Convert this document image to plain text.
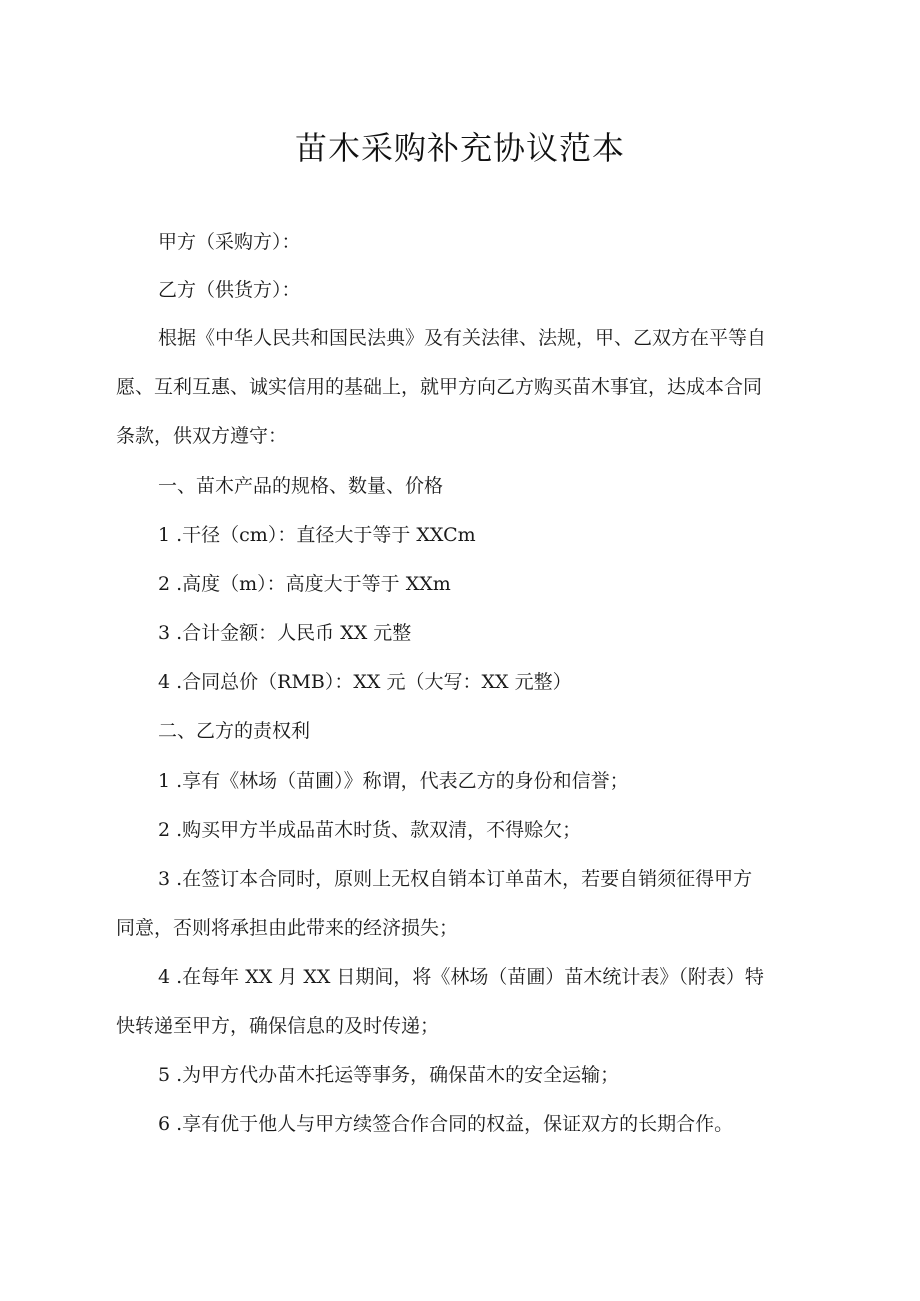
苗木采购补充协议范本

甲方（采购方）：

乙方（供货方）：

根据《中华人民共和国民法典》及有关法律、法规，甲、乙双方在平等自

愿、互利互惠、诚实信用的基础上，就甲方向乙方购买苗木事宜，达成本合同

条款，供双方遵守：

一、苗木产品的规格、数量、价格

1 .干径（cm）：直径大于等于 XXCm

2 .高度（m）：高度大于等于 XXm

3 .合计金额：人民币 XX 元整

4 .合同总价（RMB）：XX 元（大写：XX 元整）

二、乙方的责权利

1 .享有《林场（苗圃）》称谓，代表乙方的身份和信誉；

2 .购买甲方半成品苗木时货、款双清，不得赊欠；

3 .在签订本合同时，原则上无权自销本订单苗木，若要自销须征得甲方

同意，否则将承担由此带来的经济损失；

4 .在每年 XX 月 XX 日期间，将《林场（苗圃）苗木统计表》（附表）特

快转递至甲方，确保信息的及时传递；

5 .为甲方代办苗木托运等事务，确保苗木的安全运输；

6 .享有优于他人与甲方续签合作合同的权益，保证双方的长期合作。
